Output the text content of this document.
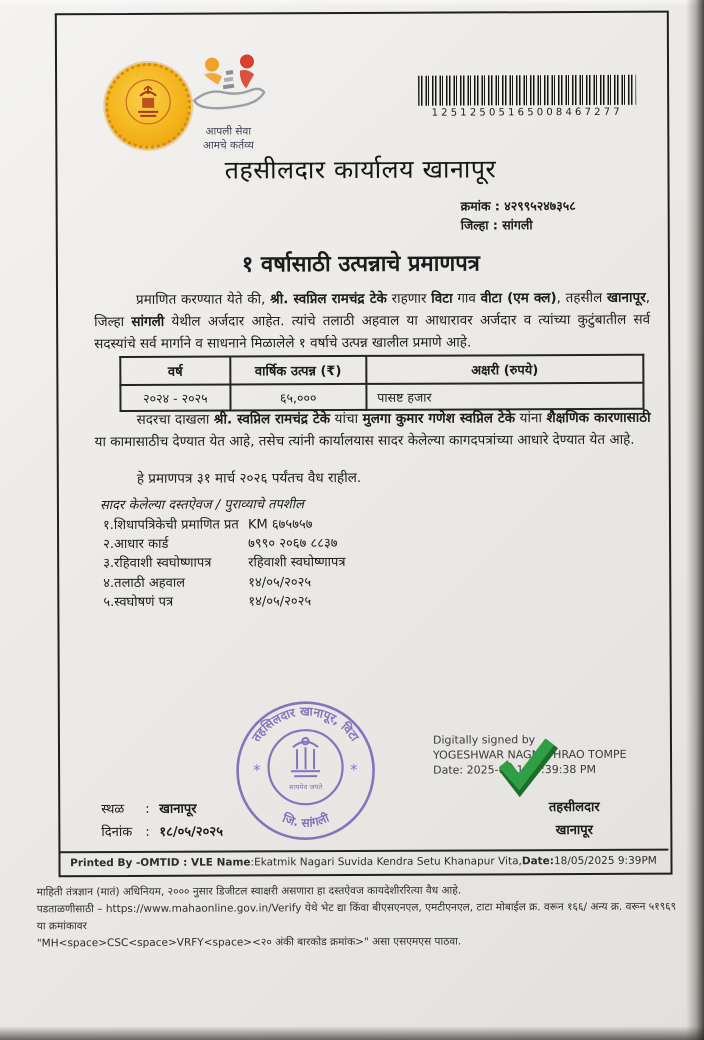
आपली सेवा
आमचे कर्तव्य
12512505165008467277
तहसीलदार कार्यालय खानापूर
क्रमांक : ४२९९५२४७३५८
जिल्हा : सांगली
१ वर्षासाठी उत्पन्नाचे प्रमाणपत्र
प्रमाणित करण्यात येते की, श्री. स्वप्निल रामचंद्र टेके राहणार विटा गाव वीटा (एम क्ल), तहसील खानापूर, जिल्हा सांगली येथील अर्जदार आहेत. त्यांचे तलाठी अहवाल या आधारावर अर्जदार व त्यांच्या कुटुंबातील सर्व सदस्यांचे सर्व मार्गाने व साधनाने मिळालेले १ वर्षाचे उत्पन्न खालील प्रमाणे आहे.
वर्ष	वार्षिक उत्पन्न (₹)	अक्षरी (रुपये)
२०२४ - २०२५	६५,०००	पासष्ट हजार
सदरचा दाखला श्री. स्वप्निल रामचंद्र टेके यांचा मुलगा कुमार गणेश स्वप्निल टेके यांना शैक्षणिक कारणासाठी या कामासाठीच देण्यात येत आहे, तसेच त्यांनी कार्यालयास सादर केलेल्या कागदपत्रांच्या आधारे देण्यात येत आहे.
हे प्रमाणपत्र ३१ मार्च २०२६ पर्यंतच वैध राहील.
सादर केलेल्या दस्तऐवज / पुराव्याचे तपशील
१.शिधापत्रिकेची प्रमाणित प्रत KM ६७५७५७
२.आधार कार्ड	७९९० २०६७ ८८३७
३.रहिवाशी स्वघोष्णापत्र	रहिवाशी स्वघोष्णापत्र
४.तलाठी अहवाल	१४/०५/२०२५
५.स्वघोषणं पत्र	१४/०५/२०२५
तहसिलदार खानापूर, विटा
जि. सांगली
*	*
सत्यमेव जयते
Digitally signed by
YOGESHWAR NAGNATHRAO TOMPE
Date: 2025-05-18 9:39:38 PM
स्थळ	: खानापूर
दिनांक	: १८/०५/२०२५
तहसीलदार
खानापूर
Printed By -OMTID : VLE Name :Ekatmik Nagari Suvida Kendra Setu Khanapur Vita, Date: 18/05/2025 9:39PM
माहिती तंत्रज्ञान (मातं) अधिनियम, २००० नुसार डिजीटल स्वाक्षरी असणारा हा दस्तऐवज कायदेशीररित्या वैध आहे.
पडताळणीसाठी – https://www.mahaonline.gov.in/Verify येथे भेट द्या किंवा बीएसएनएल, एमटीएनएल, टाटा मोबाईल क्र. वरून १६६/ अन्य क्र. वरून ५१९६९ या क्रमांकावर
"MH<space>CSC<space>VRFY<space><२० अंकी बारकोड क्रमांक>" असा एसएमएस पाठवा.
